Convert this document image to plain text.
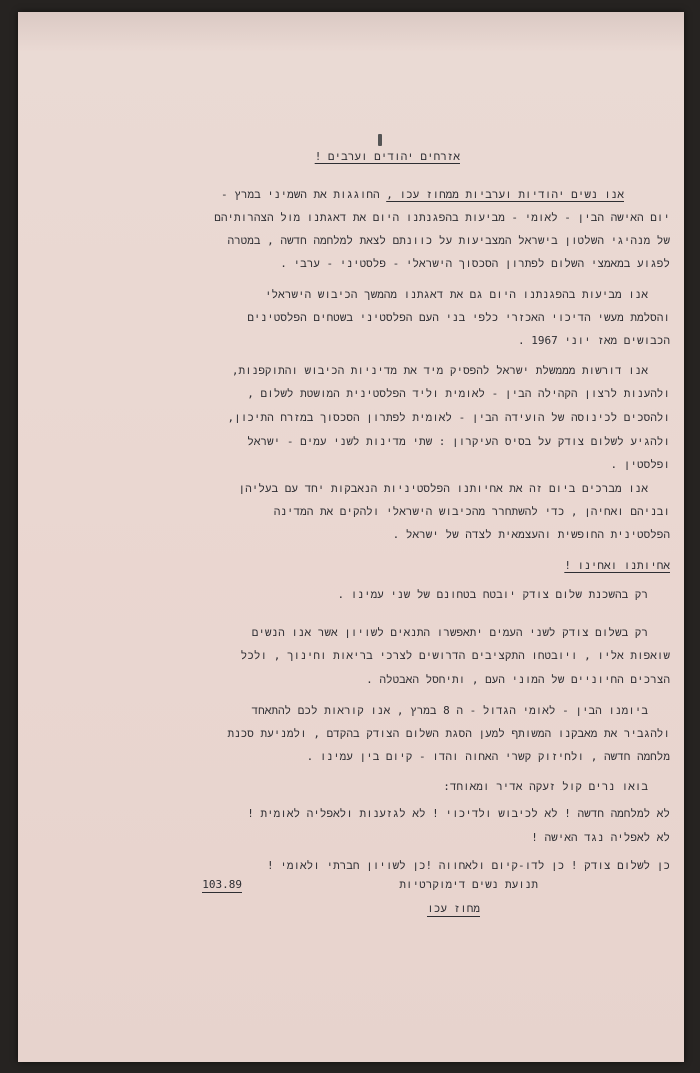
אזרחים יהודים וערבים !
אנו נשים יהודיות וערביות ממחוז עכו , החוגגות את השמיני במרץ -
יום האישה הבין - לאומי - מביעות בהפגנתנו היום את דאגתנו מול הצהרותיהם
של מנהיגי השלטון בישראל המצביעות על כוונתם לצאת למלחמה חדשה , במטרה
לפגוע במאמצי השלום לפתרון הסכסוך הישראלי - פלסטיני - ערבי .
אנו מביעות בהפגנתנו היום גם את דאגתנו מהמשך הכיבוש הישראלי
והסלמת מעשי הדיכוי האכזרי כלפי בני העם הפלסטיני בשטחים הפלסטינים
הכבושים מאז יוני 1967 .
אנו דורשות מממשלת ישראל להפסיק מיד את מדיניות הכיבוש והתוקפנות,
ולהענות לרצון הקהילה הבין - לאומית וליד הפלסטינית המושטת לשלום ,
ולהסכים לכינוסה של הועידה הבין - לאומית לפתרון הסכסוך במזרח התיכון,
ולהגיע לשלום צודק על בסיס העיקרון : שתי מדינות לשני עמים - ישראל
ופלסטין .
אנו מברכים ביום זה את אחיותנו הפלסטיניות הנאבקות יחד עם בעליהן
ובניהם ואחיהן , כדי להשתחרר מהכיבוש הישראלי ולהקים את המדינה
הפלסטינית החופשית והעצמאית לצדה של ישראל .
אחיותנו ואחינו !
רק בהשכנת שלום צודק יובטח בטחונם של שני עמינו .
רק בשלום צודק לשני העמים יתאפשרו התנאים לשויון אשר אנו הנשים
שואפות אליו , ויובטחו התקציבים הדרושים לצרכי בריאות וחינוך , ולכל
הצרכים החיוניים של המוני העם , ותיחסל האבטלה .
ביומנו הבין - לאומי הגדול - ה 8 במרץ , אנו קוראות לכם להתאחד
ולהגביר את מאבקנו המשותף למען הסגת השלום הצודק בהקדם , ולמניעת סכנת
מלחמה חדשה , ולחיזוק קשרי האחוה והדו - קיום בין עמינו .
בואו נרים קול זעקה אדיר ומאוחד:
לא למלחמה חדשה ! לא לכיבוש ולדיכוי ! לא לגזענות ולאפליה לאומית !
לא לאפליה נגד האישה !
כן לשלום צודק ! כן לדו-קיום ולאחווה !כן לשויון חברתי ולאומי !
103.89	תנועת נשים דימוקרטיות
מחוז עכו
